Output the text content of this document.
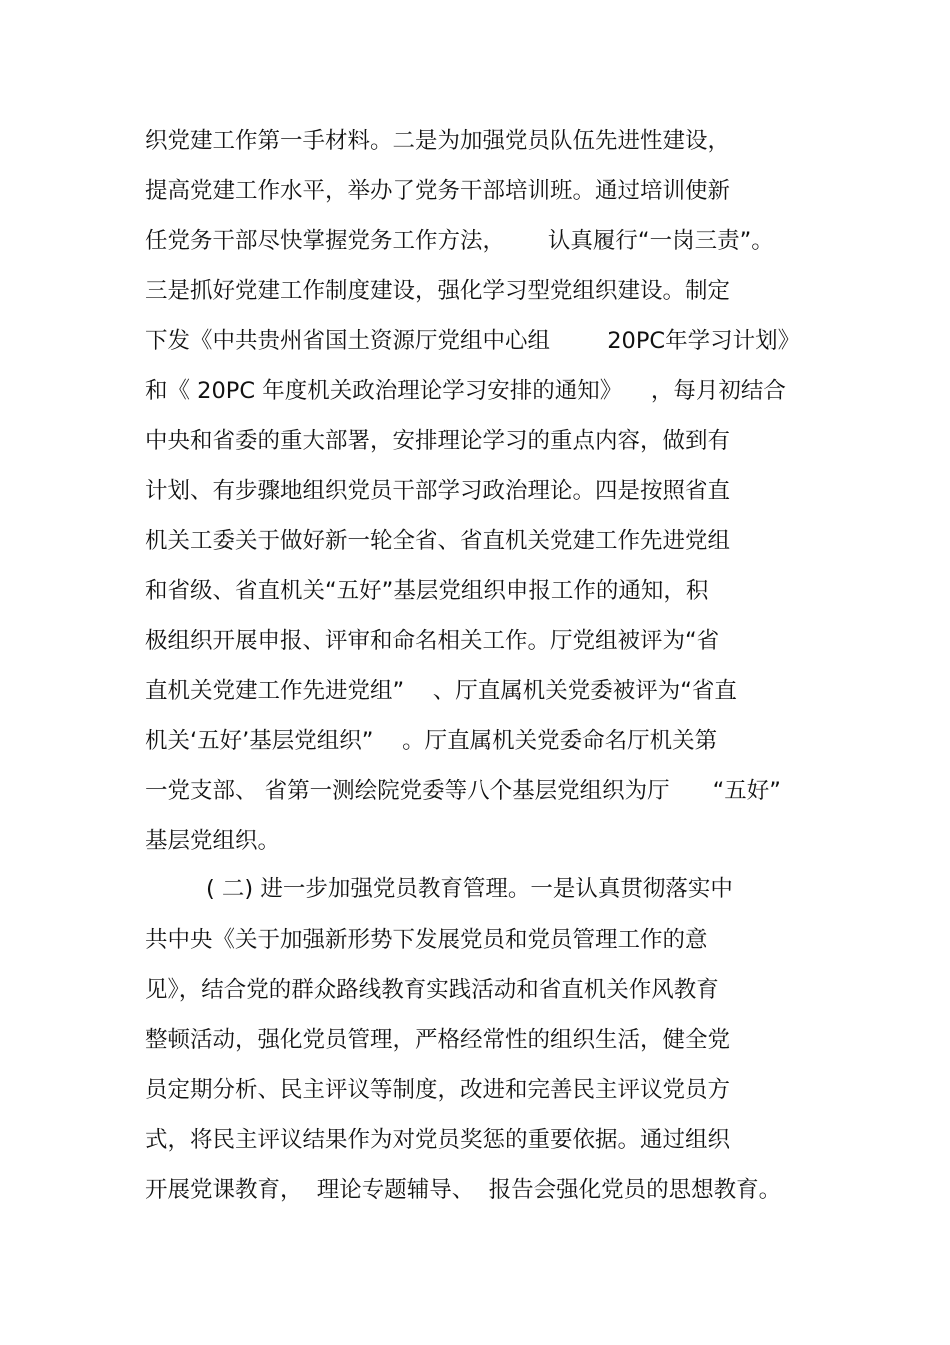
织党建工作第一手材料。二是为加强党员队伍先进性建设，
提高党建工作水平，举办了党务干部培训班。通过培训使新
任党务干部尽快掌握党务工作方法，      认真履行“一岗三责”。
三是抓好党建工作制度建设，强化学习型党组织建设。制定
下发《中共贵州省国土资源厅党组中心组        20PC年学习计划》
和《 20PC 年度机关政治理论学习安排的通知》    ，每月初结合
中央和省委的重大部署，安排理论学习的重点内容，做到有
计划、有步骤地组织党员干部学习政治理论。四是按照省直
机关工委关于做好新一轮全省、省直机关党建工作先进党组
和省级、省直机关“五好”基层党组织申报工作的通知，积
极组织开展申报、评审和命名相关工作。厅党组被评为“省
直机关党建工作先进党组”    、厅直属机关党委被评为“省直
机关‘五好’基层党组织”    。厅直属机关党委命名厅机关第
一党支部、 省第一测绘院党委等八个基层党组织为厅      “五好”
基层党组织。
( 二) 进一步加强党员教育管理。一是认真贯彻落实中
共中央《关于加强新形势下发展党员和党员管理工作的意
见》，结合党的群众路线教育实践活动和省直机关作风教育
整顿活动，强化党员管理，严格经常性的组织生活，健全党
员定期分析、民主评议等制度，改进和完善民主评议党员方
式，将民主评议结果作为对党员奖惩的重要依据。通过组织
开展党课教育，  理论专题辅导、  报告会强化党员的思想教育。
